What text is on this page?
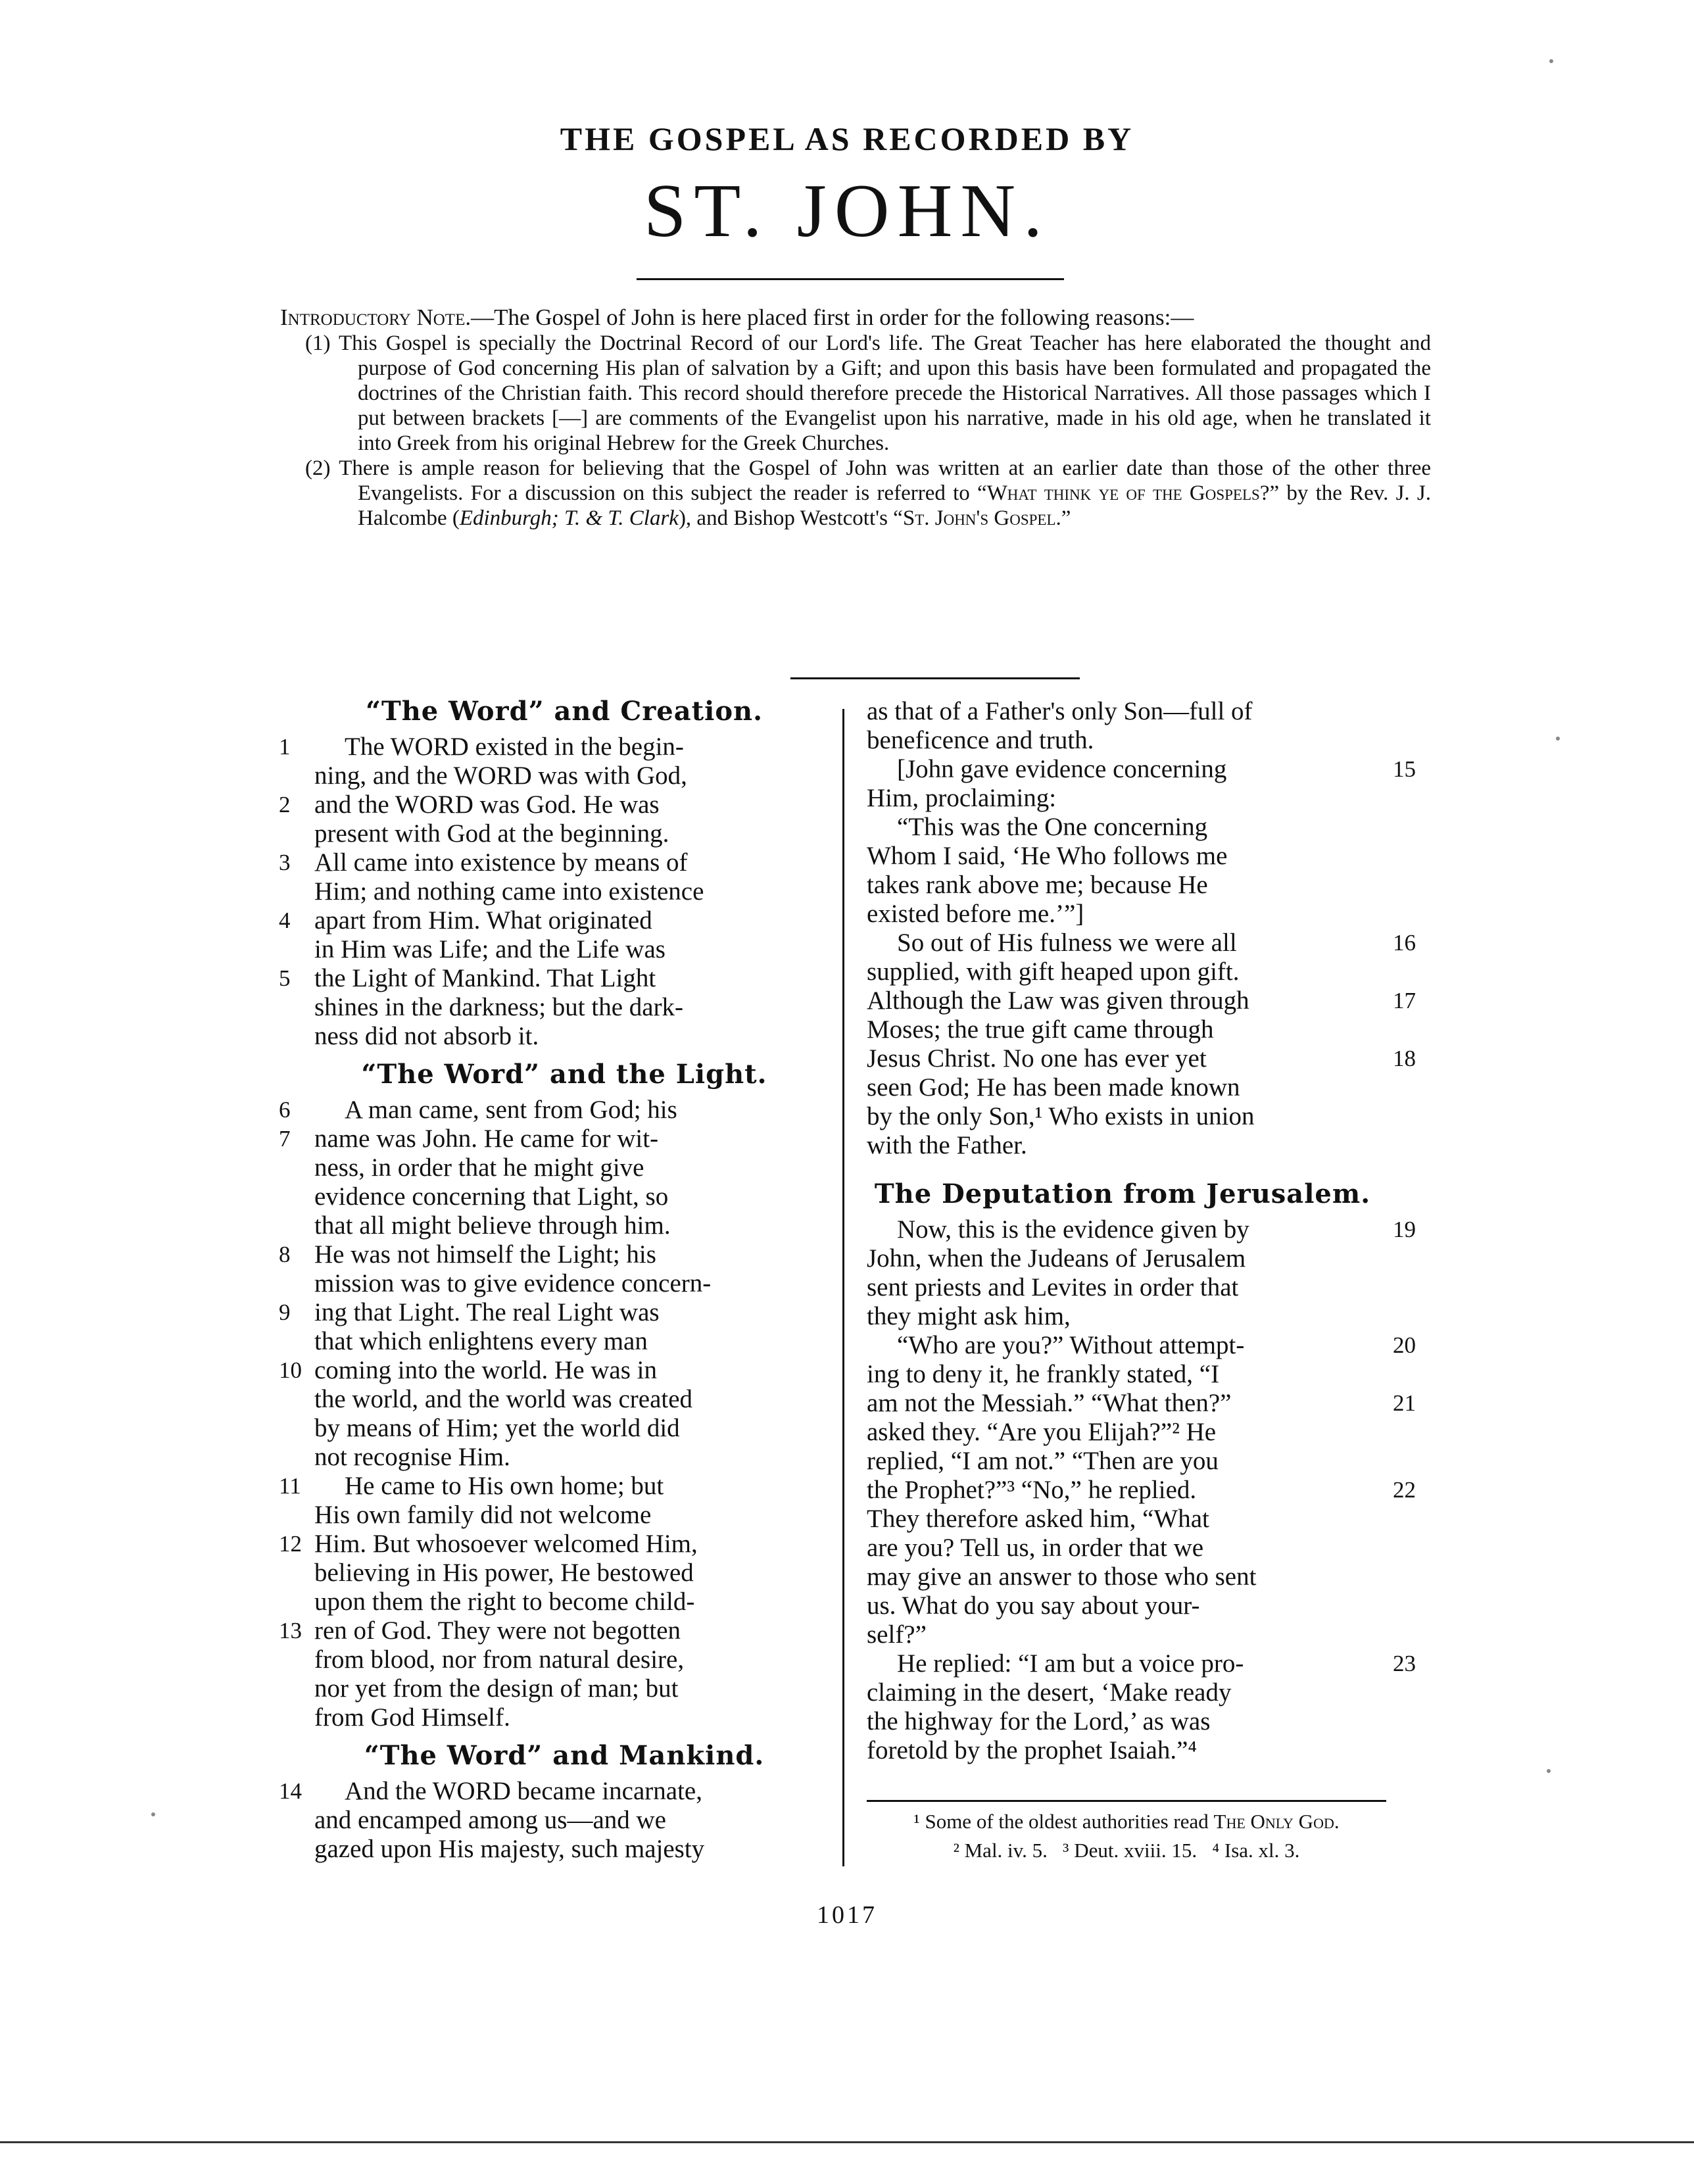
THE GOSPEL AS RECORDED BY
ST. JOHN.

Introductory Note.—The Gospel of John is here placed first in order for the following reasons:—

(1) This Gospel is specially the Doctrinal Record of our Lord's life. The Great Teacher has here elaborated the thought and purpose of God concerning His plan of salvation by a Gift; and upon this basis have been formulated and propagated the doctrines of the Christian faith. This record should therefore precede the Historical Narratives. All those passages which I put between brackets [—] are comments of the Evangelist upon his narrative, made in his old age, when he translated it into Greek from his original Hebrew for the Greek Churches.

(2) There is ample reason for believing that the Gospel of John was written at an earlier date than those of the other three Evangelists. For a discussion on this subject the reader is referred to “What think ye of the Gospels?” by the Rev. J. J. Halcombe (Edinburgh; T. & T. Clark), and Bishop Westcott's “St. John's Gospel.”

“The Word” and Creation.
1	The WORD existed in the begin-
ning, and the WORD was with God,
2 and the WORD was God. He was
present with God at the beginning.
3 All came into existence by means of
Him; and nothing came into existence
4 apart from Him. What originated
in Him was Life; and the Life was
5 the Light of Mankind. That Light
shines in the darkness; but the dark-
ness did not absorb it.
“The Word” and the Light.
6	A man came, sent from God; his
7 name was John. He came for wit-
ness, in order that he might give
evidence concerning that Light, so
that all might believe through him.
8 He was not himself the Light; his
mission was to give evidence concern-
9 ing that Light. The real Light was
that which enlightens every man
10 coming into the world. He was in
the world, and the world was created
by means of Him; yet the world did
not recognise Him.
11 He came to His own home; but
His own family did not welcome
12 Him. But whosoever welcomed Him,
believing in His power, He bestowed
upon them the right to become child-
13 ren of God. They were not begotten
from blood, nor from natural desire,
nor yet from the design of man; but
from God Himself.
“The Word” and Mankind.
14 And the WORD became incarnate,
and encamped among us—and we
gazed upon His majesty, such majesty
as that of a Father's only Son—full of
beneficence and truth.
15
[John gave evidence concerning
Him, proclaiming:
“This was the One concerning
Whom I said, ‘He Who follows me
takes rank above me; because He
existed before me.’”]
16
So out of His fulness we were all
supplied, with gift heaped upon gift.
17
Although the Law was given through
Moses; the true gift came through
18
Jesus Christ. No one has ever yet
seen God; He has been made known
by the only Son,¹ Who exists in union
with the Father.
The Deputation from Jerusalem.
19
Now, this is the evidence given by
John, when the Judeans of Jerusalem
sent priests and Levites in order that
they might ask him,
20
“Who are you?” Without attempt-
ing to deny it, he frankly stated, “I
21
am not the Messiah.” “What then?”
asked they. “Are you Elijah?”² He
replied, “I am not.” “Then are you
22
the Prophet?”³ “No,” he replied.
They therefore asked him, “What
are you? Tell us, in order that we
may give an answer to those who sent
us. What do you say about your-
self?”
23
He replied: “I am but a voice pro-
claiming in the desert, ‘Make ready
the highway for the Lord,’ as was
foretold by the prophet Isaiah.”⁴

¹ Some of the oldest authorities read The Only God.

² Mal. iv. 5. ³ Deut. xviii. 15. ⁴ Isa. xl. 3.

1017
